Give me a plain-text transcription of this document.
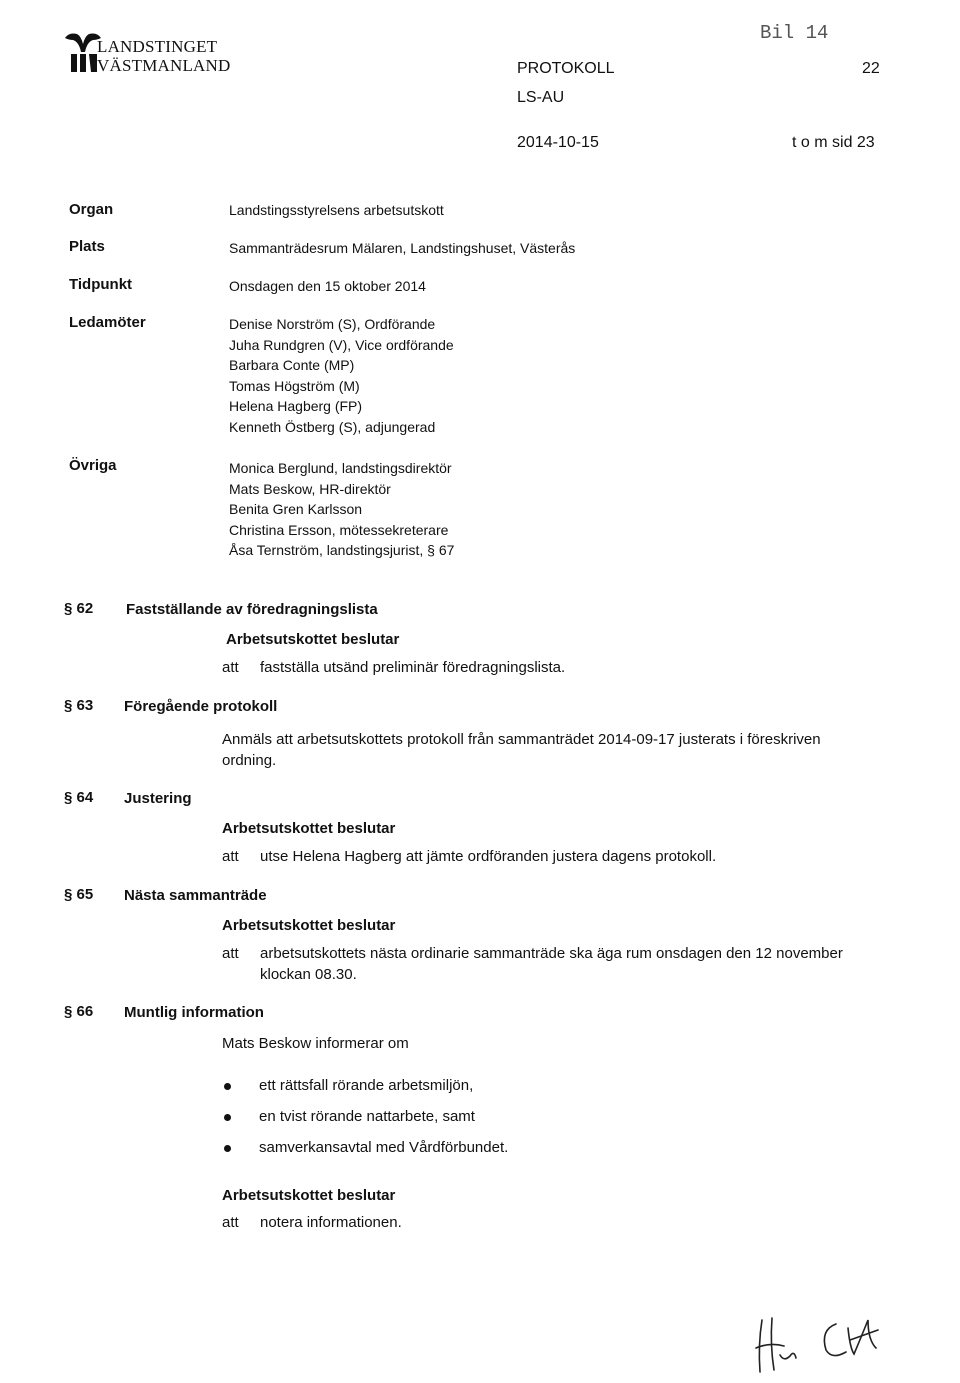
LANDSTINGET
VÄSTMANLAND
Bil 14
PROTOKOLL	22
LS-AU
2014-10-15	t o m sid 23
Organ	Landstingsstyrelsens arbetsutskott
Plats	Sammanträdesrum Mälaren, Landstingshuset, Västerås
Tidpunkt	Onsdagen den 15 oktober 2014
Ledamöter	Denise Norström (S), Ordförande
Juha Rundgren (V), Vice ordförande
Barbara Conte (MP)
Tomas Högström (M)
Helena Hagberg (FP)
Kenneth Östberg (S), adjungerad
Övriga	Monica Berglund, landstingsdirektör
Mats Beskow, HR-direktör
Benita Gren Karlsson
Christina Ersson, mötessekreterare
Åsa Ternström, landstingsjurist, § 67
§ 62 Fastställande av föredragningslista
Arbetsutskottet beslutar
att fastställa utsänd preliminär föredragningslista.
§ 63 Föregående protokoll
Anmäls att arbetsutskottets protokoll från sammanträdet 2014-09-17 justerats i föreskriven
ordning.
§ 64 Justering
Arbetsutskottet beslutar
att utse Helena Hagberg att jämte ordföranden justera dagens protokoll.
§ 65 Nästa sammanträde
Arbetsutskottet beslutar
att arbetsutskottets nästa ordinarie sammanträde ska äga rum onsdagen den 12 november
klockan 08.30.
§ 66 Muntlig information
Mats Beskow informerar om
ett rättsfall rörande arbetsmiljön,
en tvist rörande nattarbete, samt
samverkansavtal med Vårdförbundet.
Arbetsutskottet beslutar
att notera informationen.
